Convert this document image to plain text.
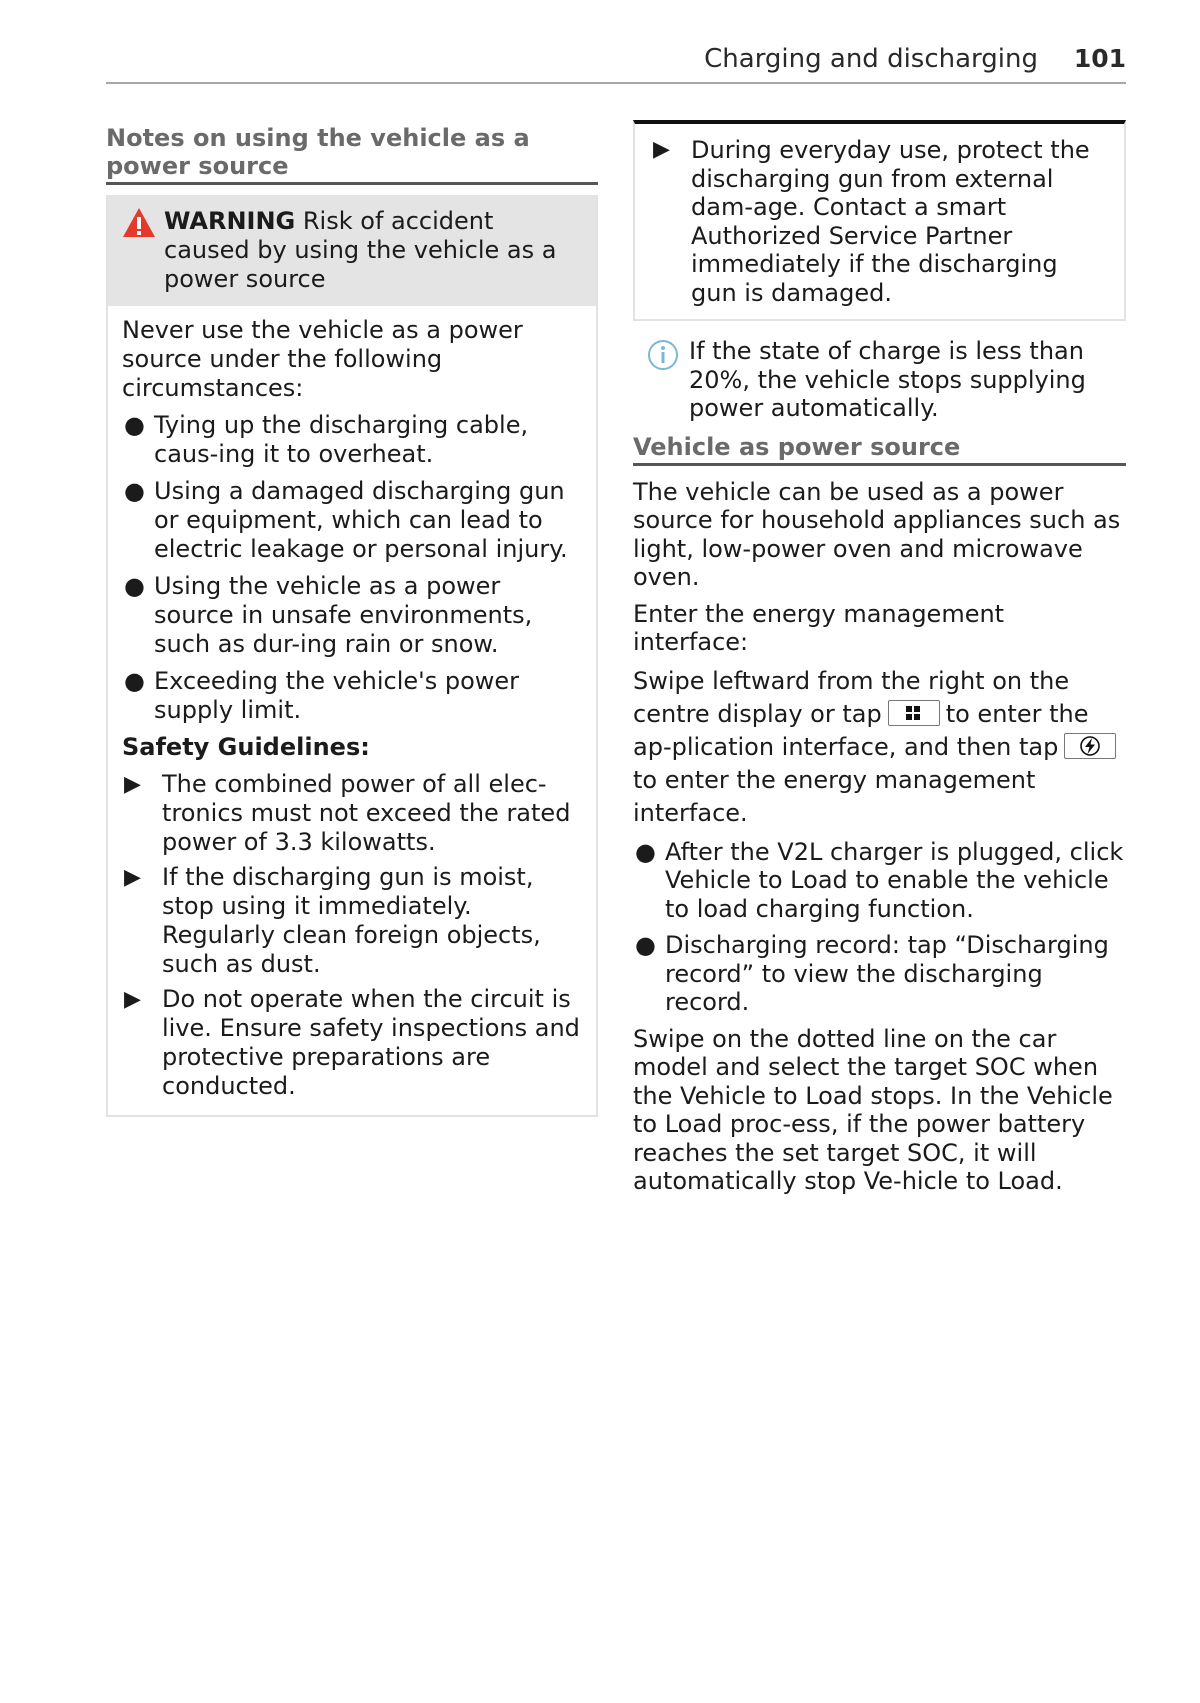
Charging and discharging 101
Notes on using the vehicle as a power source
WARNING Risk of accident caused by using the vehicle as a power source

Never use the vehicle as a power source under the following circumstances:

● Tying up the discharging cable, caus-ing it to overheat.
● Using a damaged discharging gun or equipment, which can lead to electric leakage or personal injury.
● Using the vehicle as a power source in unsafe environments, such as dur-ing rain or snow.
● Exceeding the vehicle's power supply limit.

Safety Guidelines:

▶ The combined power of all elec-tronics must not exceed the rated power of 3.3 kilowatts.
▶ If the discharging gun is moist, stop using it immediately. Regularly clean foreign objects, such as dust.
▶ Do not operate when the circuit is live. Ensure safety inspections and protective preparations are conducted.
▶ During everyday use, protect the discharging gun from external dam-age. Contact a smart Authorized Service Partner immediately if the discharging gun is damaged.
If the state of charge is less than 20%, the vehicle stops supplying power automatically.
Vehicle as power source

The vehicle can be used as a power source for household appliances such as light, low-power oven and microwave oven.

Enter the energy management interface:

Swipe leftward from the right on the centre display or tap	to enter the ap-plication interface, and then tap
to enter the energy management interface.

● After the V2L charger is plugged, click Vehicle to Load to enable the vehicle to load charging function.
● Discharging record: tap “Discharging record” to view the discharging record.

Swipe on the dotted line on the car model and select the target SOC when the Vehicle to Load stops. In the Vehicle to Load proc-ess, if the power battery reaches the set target SOC, it will automatically stop Ve-hicle to Load.
